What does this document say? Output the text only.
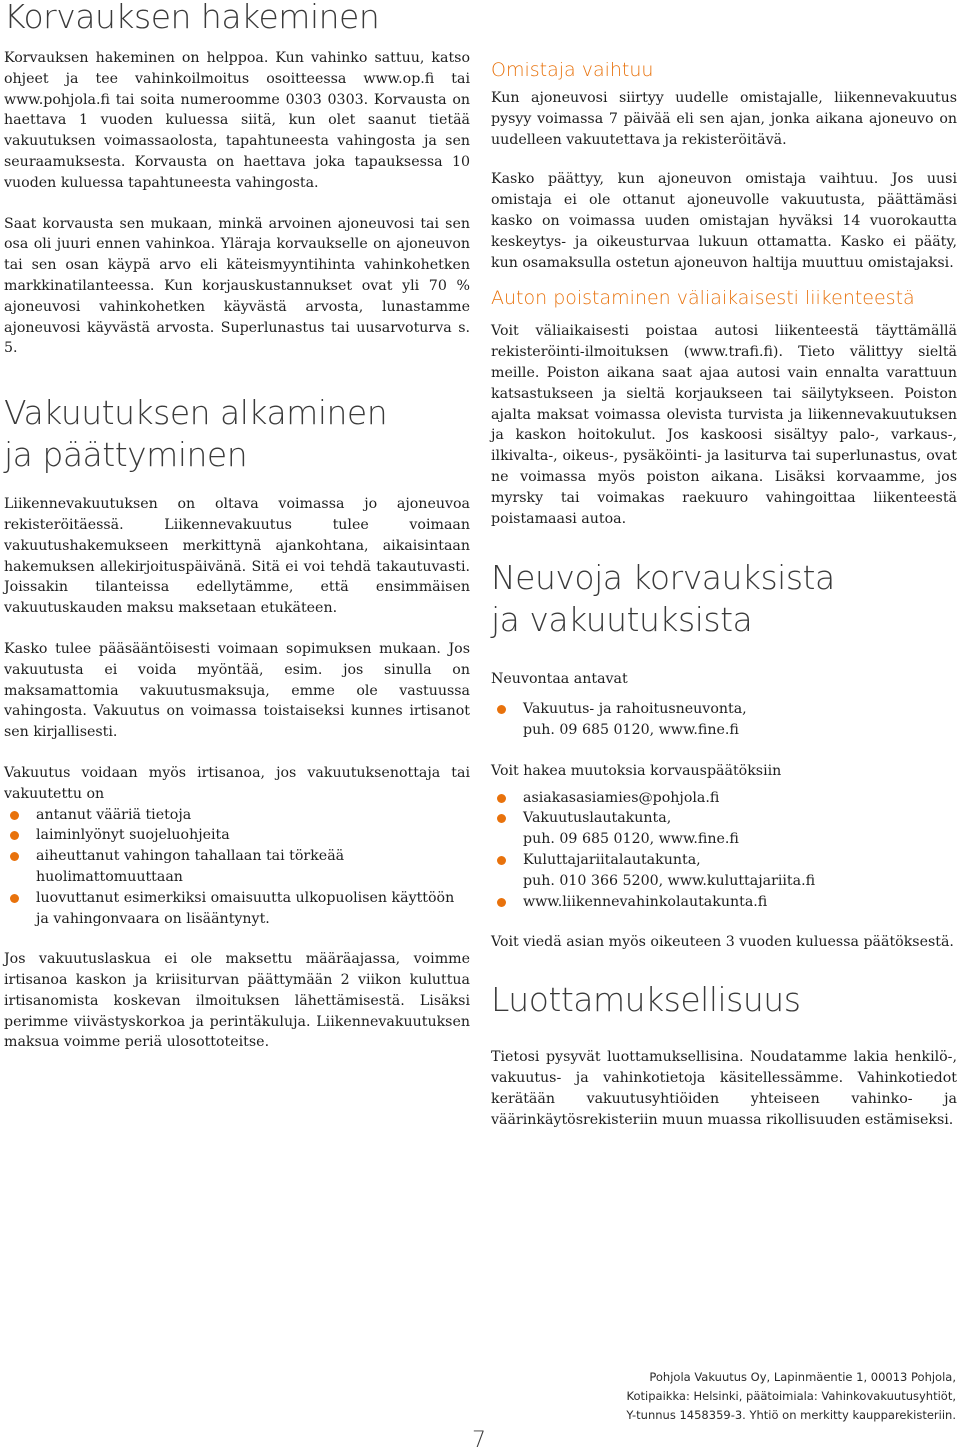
Korvauksen hakeminen

Korvauksen hakeminen on helppoa. Kun vahinko sattuu, katso ohjeet ja tee vahinkoilmoitus osoitteessa www.op.fi tai www.pohjola.fi tai soita numeroomme 0303 0303. Korvausta on haettava 1 vuoden kuluessa siitä, kun olet saanut tietää vakuutuksen voimassaolosta, tapahtuneesta vahingosta ja sen seuraamuksesta. Korvausta on haettava joka tapauksessa 10 vuoden kuluessa tapahtuneesta vahingosta.

Saat korvausta sen mukaan, minkä arvoinen ajoneuvosi tai sen osa oli juuri ennen vahinkoa. Yläraja korvaukselle on ajoneuvon tai sen osan käypä arvo eli käteismyyntihinta vahinkohetken markkinatilanteessa. Kun korjauskustannukset ovat yli 70 % ajoneuvosi vahinkohetken käyvästä arvosta, lunastamme ajoneuvosi käyvästä arvosta. Superlunastus tai uusarvoturva s. 5.

Vakuutuksen alkaminen
ja päättyminen

Liikennevakuutuksen on oltava voimassa jo ajoneuvoa rekisteröitäessä. Liikennevakuutus tulee voimaan vakuutushakemukseen merkittynä ajankohtana, aikaisintaan hakemuksen allekirjoituspäivänä. Sitä ei voi tehdä takautuvasti. Joissakin tilanteissa edellytämme, että ensimmäisen vakuutuskauden maksu maksetaan etukäteen.

Kasko tulee pääsääntöisesti voimaan sopimuksen mukaan. Jos vakuutusta ei voida myöntää, esim. jos sinulla on maksamattomia vakuutusmaksuja, emme ole vastuussa vahingosta. Vakuutus on voimassa toistaiseksi kunnes irtisanot sen kirjallisesti.

Vakuutus voidaan myös irtisanoa, jos vakuutuksenottaja tai vakuutettu on

antanut vääriä tietoja
laiminlyönyt suojeluohjeita
aiheuttanut vahingon tahallaan tai törkeää huolimattomuuttaan
luovuttanut esimerkiksi omaisuutta ulkopuolisen käyttöön ja vahingonvaara on lisääntynyt.

Jos vakuutuslaskua ei ole maksettu määräajassa, voimme irtisanoa kaskon ja kriisiturvan päättymään 2 viikon kuluttua irtisanomista koskevan ilmoituksen lähettämisestä. Lisäksi perimme viivästyskorkoa ja perintäkuluja. Liikennevakuutuksen maksua voimme periä ulosottoteitse.

Omistaja vaihtuu

Kun ajoneuvosi siirtyy uudelle omistajalle, liikennevakuutus pysyy voimassa 7 päivää eli sen ajan, jonka aikana ajoneuvo on uudelleen vakuutettava ja rekisteröitävä.

Kasko päättyy, kun ajoneuvon omistaja vaihtuu. Jos uusi omistaja ei ole ottanut ajoneuvolle vakuutusta, päättämäsi kasko on voimassa uuden omistajan hyväksi 14 vuorokautta keskeytys- ja oikeusturvaa lukuun ottamatta. Kasko ei pääty, kun osamaksulla ostetun ajoneuvon haltija muuttuu omistajaksi.

Auton poistaminen väliaikaisesti liikenteestä

Voit väliaikaisesti poistaa autosi liikenteestä täyttämällä rekisteröinti-ilmoituksen (www.trafi.fi). Tieto välittyy sieltä meille. Poiston aikana saat ajaa autosi vain ennalta varattuun katsastukseen ja sieltä korjaukseen tai säilytykseen. Poiston ajalta maksat voimassa olevista turvista ja liikennevakuutuksen ja kaskon hoitokulut. Jos kaskoosi sisältyy palo-, varkaus-, ilkivalta-, oikeus-, pysäköinti- ja lasiturva tai superlunastus, ovat ne voimassa myös poiston aikana. Lisäksi korvaamme, jos myrsky tai voimakas raekuuro vahingoittaa liikenteestä poistamaasi autoa.

Neuvoja korvauksista
ja vakuutuksista

Neuvontaa antavat

Vakuutus- ja rahoitusneuvonta,
puh. 09 685 0120, www.fine.fi

Voit hakea muutoksia korvauspäätöksiin

asiakasasiamies@pohjola.fi
Vakuutuslautakunta,
puh. 09 685 0120, www.fine.fi
Kuluttajariitalautakunta,
puh. 010 366 5200, www.kuluttajariita.fi
www.liikennevahinkolautakunta.fi

Voit viedä asian myös oikeuteen 3 vuoden kuluessa päätöksestä.

Luottamuksellisuus

Tietosi pysyvät luottamuksellisina. Noudatamme lakia henkilö-, vakuutus- ja vahinkotietoja käsitellessämme. Vahinkotiedot kerätään vakuutusyhtiöiden yhteiseen vahinko- ja väärinkäytösrekisteriin muun muassa rikollisuuden estämiseksi.

Pohjola Vakuutus Oy, Lapinmäentie 1, 00013 Pohjola,
Kotipaikka: Helsinki, päätoimiala: Vahinkovakuutusyhtiöt,
Y-tunnus 1458359-3. Yhtiö on merkitty kaupparekisteriin.
7
